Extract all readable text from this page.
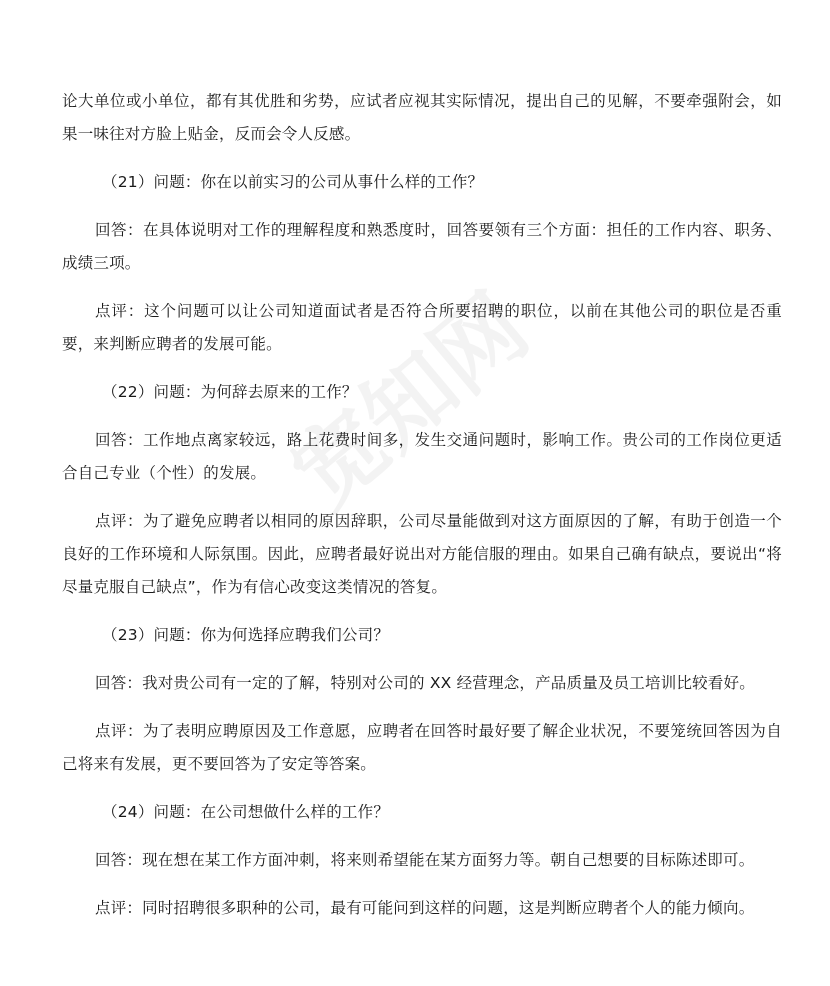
论大单位或小单位，都有其优胜和劣势，应试者应视其实际情况，提出自己的见解，不要牵强附会，如果一味往对方脸上贴金，反而会令人反感。

（21）问题：你在以前实习的公司从事什么样的工作？

回答：在具体说明对工作的理解程度和熟悉度时，回答要领有三个方面：担任的工作内容、职务、成绩三项。

点评：这个问题可以让公司知道面试者是否符合所要招聘的职位，以前在其他公司的职位是否重要，来判断应聘者的发展可能。

（22）问题：为何辞去原来的工作？

回答：工作地点离家较远，路上花费时间多，发生交通问题时，影响工作。贵公司的工作岗位更适合自己专业（个性）的发展。

点评：为了避免应聘者以相同的原因辞职，公司尽量能做到对这方面原因的了解，有助于创造一个良好的工作环境和人际氛围。因此，应聘者最好说出对方能信服的理由。如果自己确有缺点，要说出“将尽量克服自己缺点”，作为有信心改变这类情况的答复。

（23）问题：你为何选择应聘我们公司？

回答：我对贵公司有一定的了解，特别对公司的 XX 经营理念，产品质量及员工培训比较看好。

点评：为了表明应聘原因及工作意愿，应聘者在回答时最好要了解企业状况，不要笼统回答因为自己将来有发展，更不要回答为了安定等答案。

（24）问题：在公司想做什么样的工作？

回答：现在想在某工作方面冲刺，将来则希望能在某方面努力等。朝自己想要的目标陈述即可。

点评：同时招聘很多职种的公司，最有可能问到这样的问题，这是判断应聘者个人的能力倾向。
